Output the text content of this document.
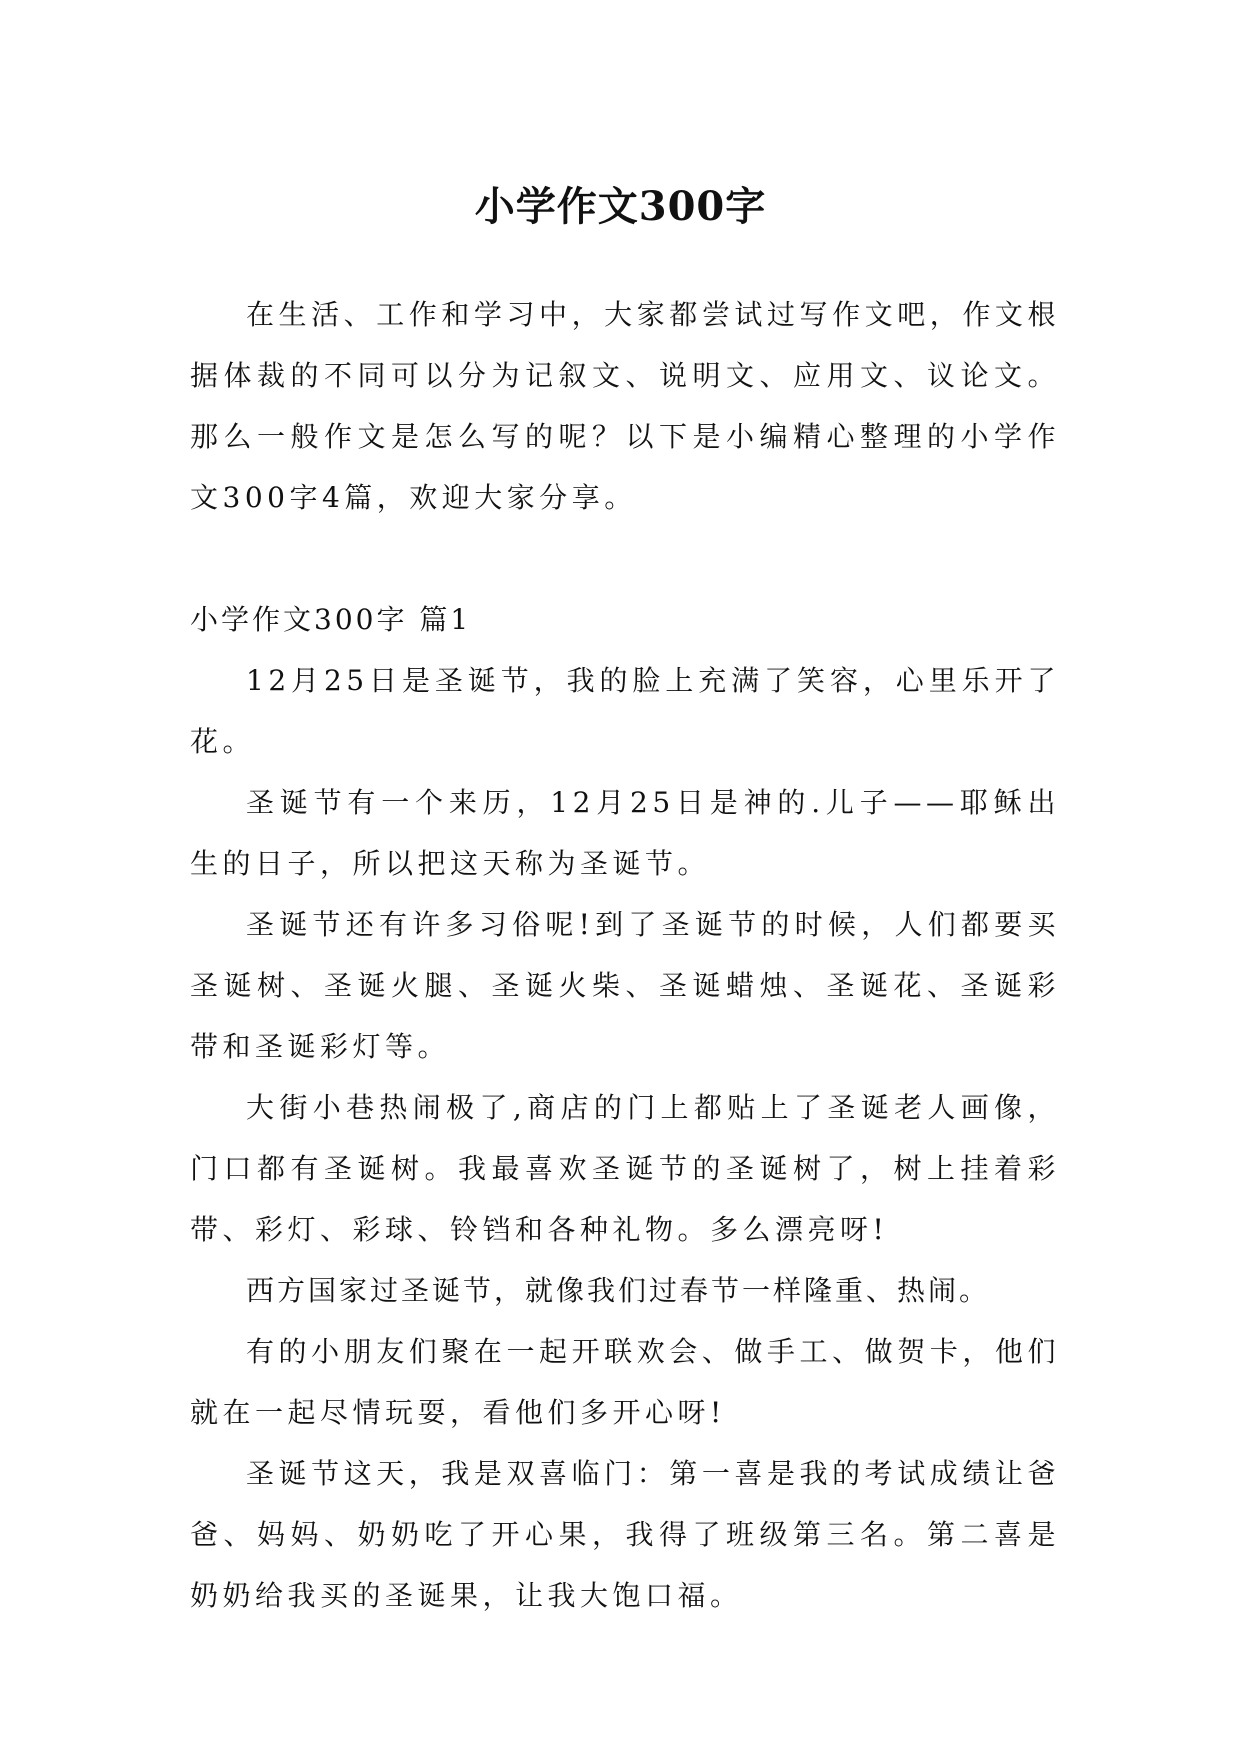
小学作文300字

在生活、工作和学习中，大家都尝试过写作文吧，作文根据体裁的不同可以分为记叙文、说明文、应用文、议论文。那么一般作文是怎么写的呢？以下是小编精心整理的小学作文300字4篇，欢迎大家分享。

小学作文300字 篇1

12月25日是圣诞节，我的脸上充满了笑容，心里乐开了花。

圣诞节有一个来历，12月25日是神的.儿子——耶稣出生的日子，所以把这天称为圣诞节。

圣诞节还有许多习俗呢!到了圣诞节的时候，人们都要买圣诞树、圣诞火腿、圣诞火柴、圣诞蜡烛、圣诞花、圣诞彩带和圣诞彩灯等。

大街小巷热闹极了,商店的门上都贴上了圣诞老人画像，门口都有圣诞树。我最喜欢圣诞节的圣诞树了，树上挂着彩带、彩灯、彩球、铃铛和各种礼物。多么漂亮呀!

西方国家过圣诞节，就像我们过春节一样隆重、热闹。

有的小朋友们聚在一起开联欢会、做手工、做贺卡，他们就在一起尽情玩耍，看他们多开心呀!

圣诞节这天，我是双喜临门：第一喜是我的考试成绩让爸爸、妈妈、奶奶吃了开心果，我得了班级第三名。第二喜是奶奶给我买的圣诞果，让我大饱口福。
